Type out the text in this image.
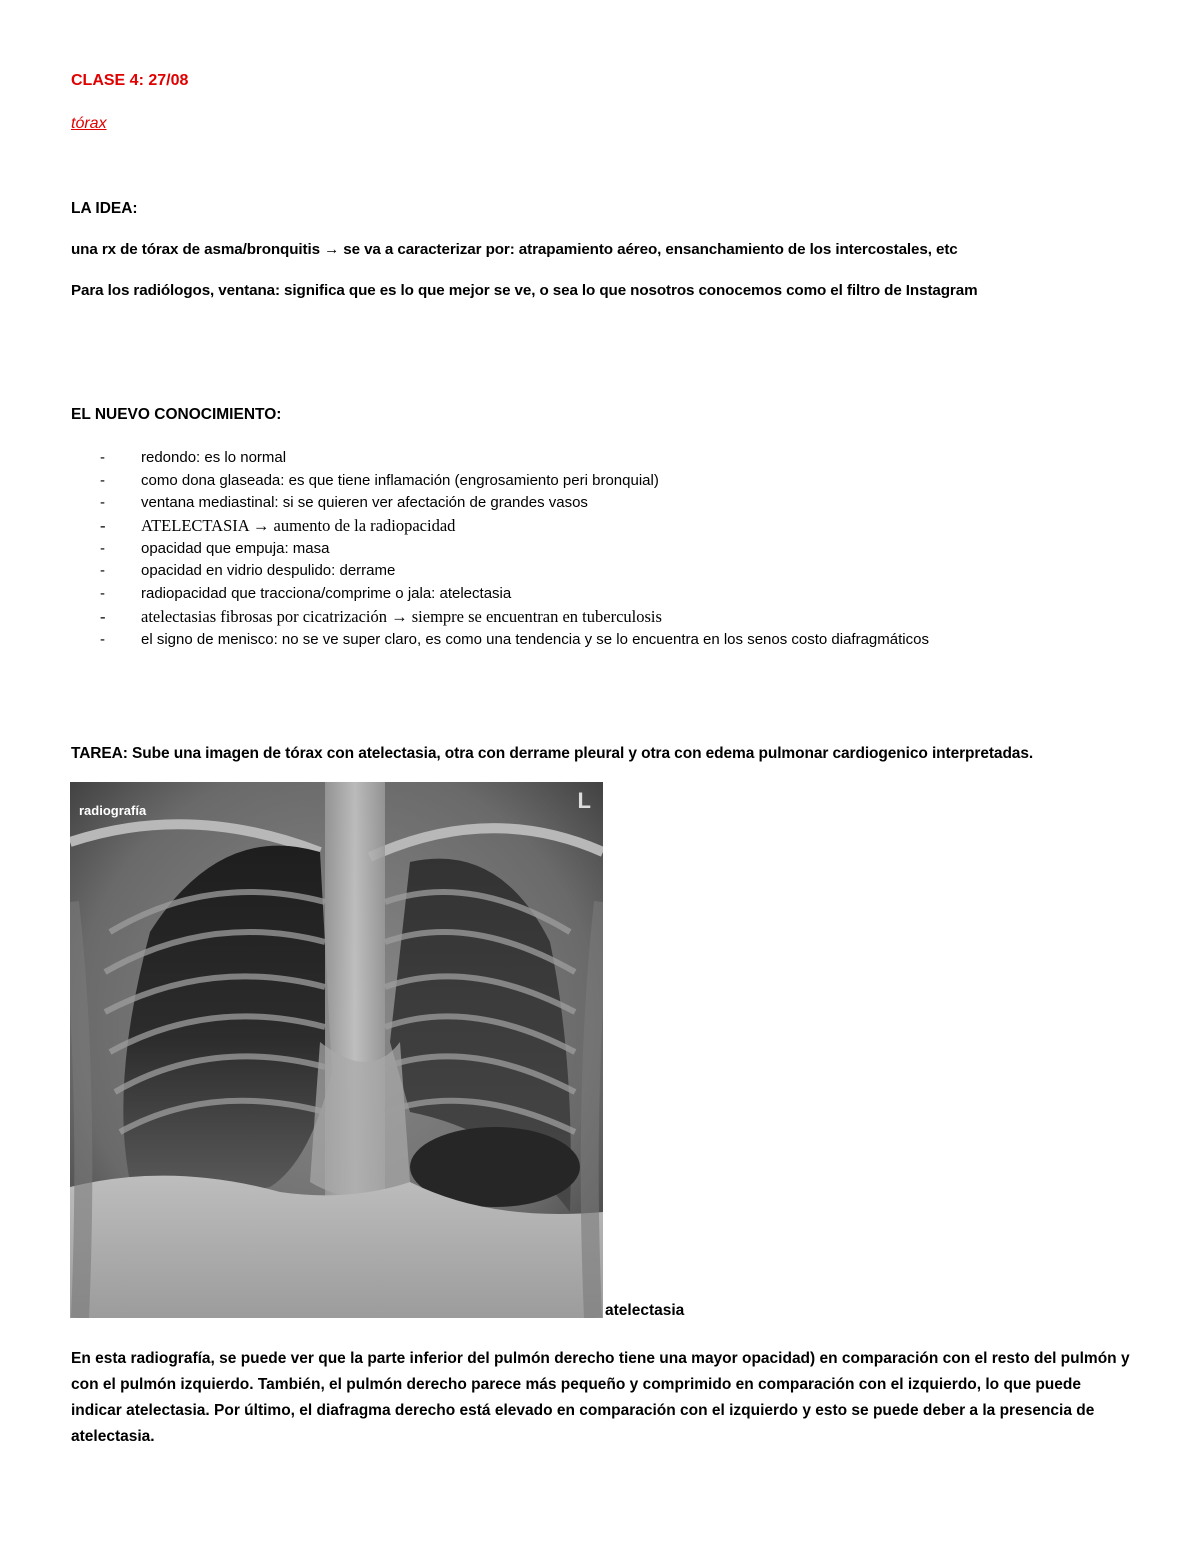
CLASE 4: 27/08
tórax
LA IDEA:
una rx de tórax de asma/bronquitis → se va a caracterizar por: atrapamiento aéreo, ensanchamiento de los intercostales, etc
Para los radiólogos, ventana: significa que es lo que mejor se ve, o sea lo que nosotros conocemos como el filtro de Instagram
EL NUEVO CONOCIMIENTO:
- redondo: es lo normal
- como dona glaseada: es que tiene inflamación (engrosamiento peri bronquial)
- ventana mediastinal: si se quieren ver afectación de grandes vasos
- ATELECTASIA → aumento de la radiopacidad
- opacidad que empuja: masa
- opacidad en vidrio despulido: derrame
- radiopacidad que tracciona/comprime o jala: atelectasia
- atelectasias fibrosas por cicatrización → siempre se encuentran en tuberculosis
- el signo de menisco: no se ve super claro, es como una tendencia y se lo encuentra en los senos costo diafragmáticos
TAREA: Sube una imagen de tórax con atelectasia, otra con derrame pleural y otra con edema pulmonar cardiogenico interpretadas.
radiografía	L
atelectasia
En esta radiografía, se puede ver que la parte inferior del pulmón derecho tiene una mayor opacidad) en comparación con el resto del pulmón y con el pulmón izquierdo. También, el pulmón derecho parece más pequeño y comprimido en comparación con el izquierdo, lo que puede indicar atelectasia. Por último, el diafragma derecho está elevado en comparación con el izquierdo y esto se puede deber a la presencia de atelectasia.
